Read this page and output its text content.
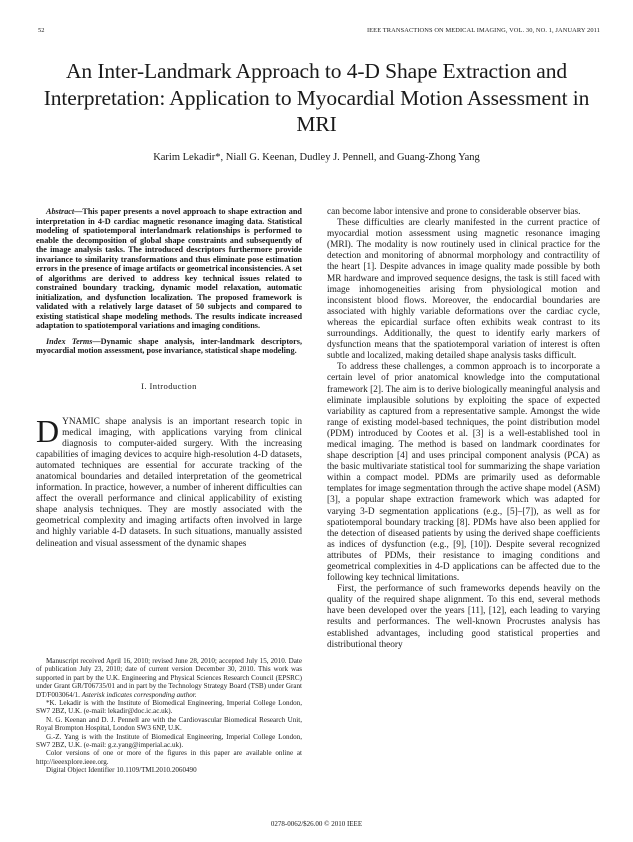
52	IEEE TRANSACTIONS ON MEDICAL IMAGING, VOL. 30, NO. 1, JANUARY 2011
An Inter-Landmark Approach to 4-D Shape Extraction and Interpretation: Application to Myocardial Motion Assessment in MRI
Karim Lekadir*, Niall G. Keenan, Dudley J. Pennell, and Guang-Zhong Yang

Abstract—This paper presents a novel approach to shape extraction and interpretation in 4-D cardiac magnetic resonance imaging data. Statistical modeling of spatiotemporal interlandmark relationships is performed to enable the decomposition of global shape constraints and subsequently of the image analysis tasks. The introduced descriptors furthermore provide invariance to similarity transformations and thus eliminate pose estimation errors in the presence of image artifacts or geometrical inconsistencies. A set of algorithms are derived to address key technical issues related to constrained boundary tracking, dynamic model relaxation, automatic initialization, and dysfunction localization. The proposed framework is validated with a relatively large dataset of 50 subjects and compared to existing statistical shape modeling methods. The results indicate increased adaptation to spatiotemporal variations and imaging conditions.

Index Terms—Dynamic shape analysis, inter-landmark descriptors, myocardial motion assessment, pose invariance, statistical shape modeling.

I. Introduction

DYNAMIC shape analysis is an important research topic in medical imaging, with applications varying from clinical diagnosis to computer-aided surgery. With the increasing capabilities of imaging devices to acquire high-resolution 4-D datasets, automated techniques are essential for accurate tracking of the anatomical boundaries and detailed interpretation of the geometrical information. In practice, however, a number of inherent difficulties can affect the overall performance and clinical applicability of existing shape analysis techniques. They are mostly associated with the geometrical complexity and imaging artifacts often involved in large and highly variable 4-D datasets. In such situations, manually assisted delineation and visual assessment of the dynamic shapes

Manuscript received April 16, 2010; revised June 28, 2010; accepted July 15, 2010. Date of publication July 23, 2010; date of current version December 30, 2010. This work was supported in part by the U.K. Engineering and Physical Sciences Research Council (EPSRC) under Grant GR/T06735/01 and in part by the Technology Strategy Board (TSB) under Grant DT/F003064/1. Asterisk indicates corresponding author.

*K. Lekadir is with the Institute of Biomedical Engineering, Imperial College London, SW7 2BZ, U.K. (e-mail: lekadir@doc.ic.ac.uk).

N. G. Keenan and D. J. Pennell are with the Cardiovascular Biomedical Research Unit, Royal Brompton Hospital, London SW3 6NP, U.K.

G.-Z. Yang is with the Institute of Biomedical Engineering, Imperial College London, SW7 2BZ, U.K. (e-mail: g.z.yang@imperial.ac.uk).

Color versions of one or more of the figures in this paper are available online at http://ieeexplore.ieee.org.

Digital Object Identifier 10.1109/TMI.2010.2060490

can become labor intensive and prone to considerable observer bias.

These difficulties are clearly manifested in the current practice of myocardial motion assessment using magnetic resonance imaging (MRI). The modality is now routinely used in clinical practice for the detection and monitoring of abnormal morphology and contractility of the heart [1]. Despite advances in image quality made possible by both MR hardware and improved sequence designs, the task is still faced with image inhomogeneities arising from physiological motion and inconsistent blood flows. Moreover, the endocardial boundaries are associated with highly variable deformations over the cardiac cycle, whereas the epicardial surface often exhibits weak contrast to its surroundings. Additionally, the quest to identify early markers of dysfunction means that the spatiotemporal variation of interest is often subtle and localized, making detailed shape analysis tasks difficult.

To address these challenges, a common approach is to incorporate a certain level of prior anatomical knowledge into the computational framework [2]. The aim is to derive biologically meaningful analysis and eliminate implausible solutions by exploiting the space of expected variability as captured from a representative sample. Amongst the wide range of existing model-based techniques, the point distribution model (PDM) introduced by Cootes et al. [3] is a well-established tool in medical imaging. The method is based on landmark coordinates for shape description [4] and uses principal component analysis (PCA) as the basic multivariate statistical tool for summarizing the shape variation within a compact model. PDMs are primarily used as deformable templates for image segmentation through the active shape model (ASM) [3], a popular shape extraction framework which was adapted for varying 3-D segmentation applications (e.g., [5]–[7]), as well as for spatiotemporal boundary tracking [8]. PDMs have also been applied for the detection of diseased patients by using the derived shape coefficients as indices of dysfunction (e.g., [9], [10]). Despite several recognized attributes of PDMs, their resistance to imaging conditions and geometrical complexities in 4-D applications can be affected due to the following key technical limitations.

First, the performance of such frameworks depends heavily on the quality of the required shape alignment. To this end, several methods have been developed over the years [11], [12], each leading to varying results and performances. The well-known Procrustes analysis has established advantages, including good statistical properties and distributional theory

0278-0062/$26.00 © 2010 IEEE
